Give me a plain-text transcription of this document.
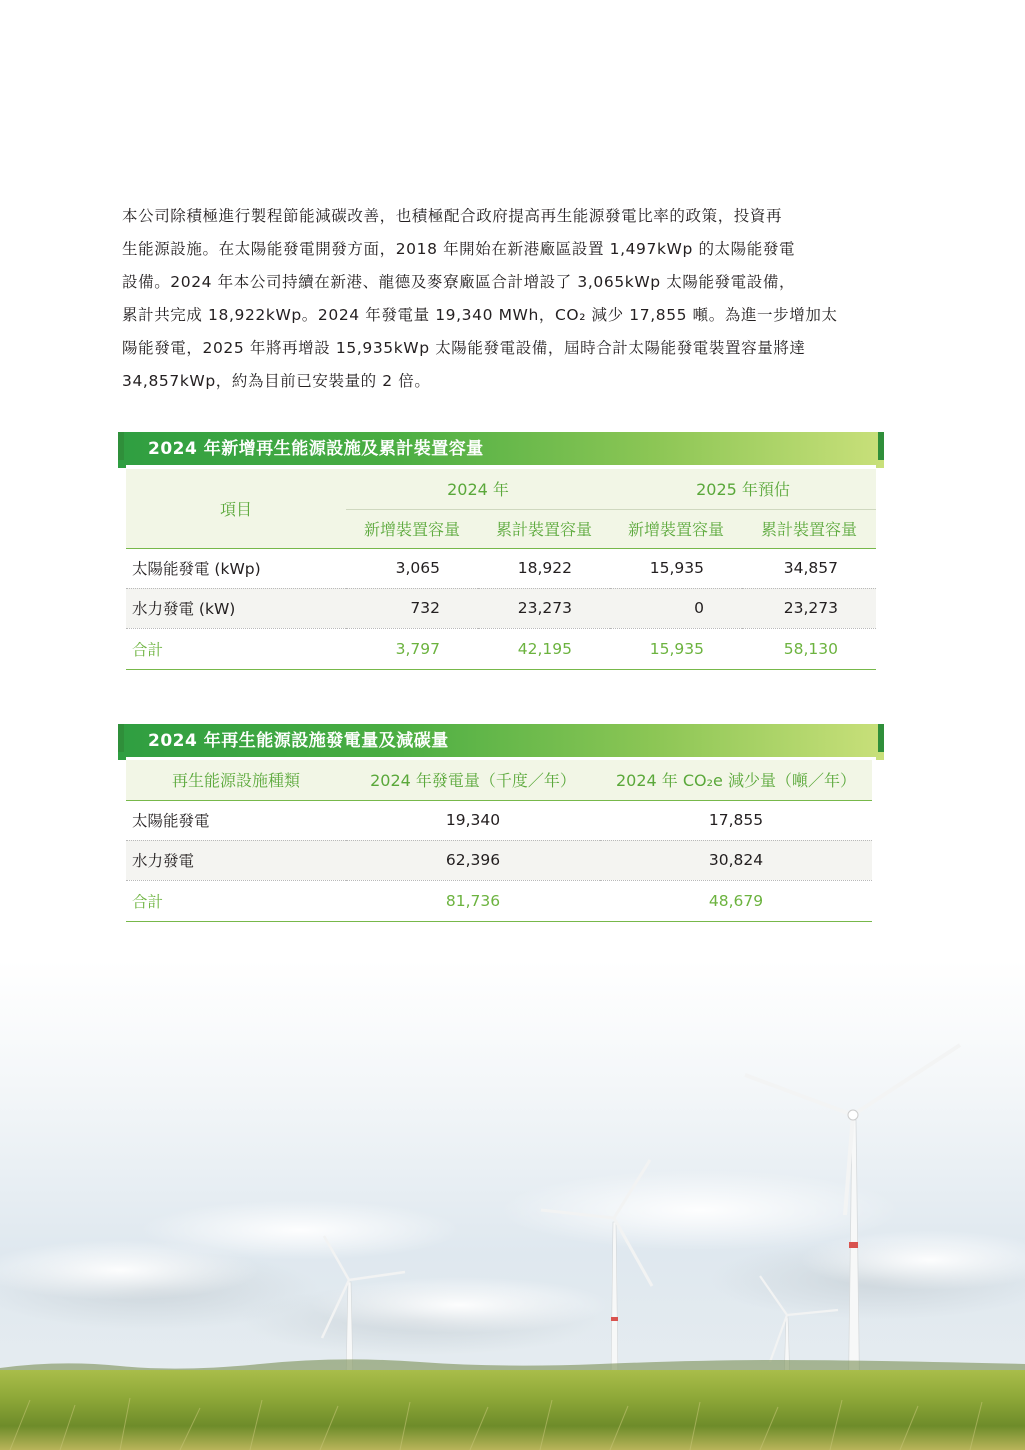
本公司除積極進行製程節能減碳改善，也積極配合政府提高再生能源發電比率的政策，投資再

生能源設施。在太陽能發電開發方面，2018 年開始在新港廠區設置 1,497kWp 的太陽能發電

設備。2024 年本公司持續在新港、龍德及麥寮廠區合計增設了 3,065kWp 太陽能發電設備，

累計共完成 18,922kWp。2024 年發電量 19,340 MWh，CO₂ 減少 17,855 噸。為進一步增加太

陽能發電，2025 年將再增設 15,935kWp 太陽能發電設備，屆時合計太陽能發電裝置容量將達

34,857kWp，約為目前已安裝量的 2 倍。

2024 年新增再生能源設施及累計裝置容量
項目	2024 年		2025 年預估	
	新增裝置容量	累計裝置容量	新增裝置容量	累計裝置容量
太陽能發電 (kWp)	3,065	18,922	15,935	34,857
水力發電 (kW)	732	23,273	0	23,273
合計	3,797	42,195	15,935	58,130
2024 年再生能源設施發電量及減碳量
再生能源設施種類	2024 年發電量（千度／年）	2024 年 CO₂e 減少量（噸／年）
太陽能發電	19,340	17,855
水力發電	62,396	30,824
合計	81,736	48,679
